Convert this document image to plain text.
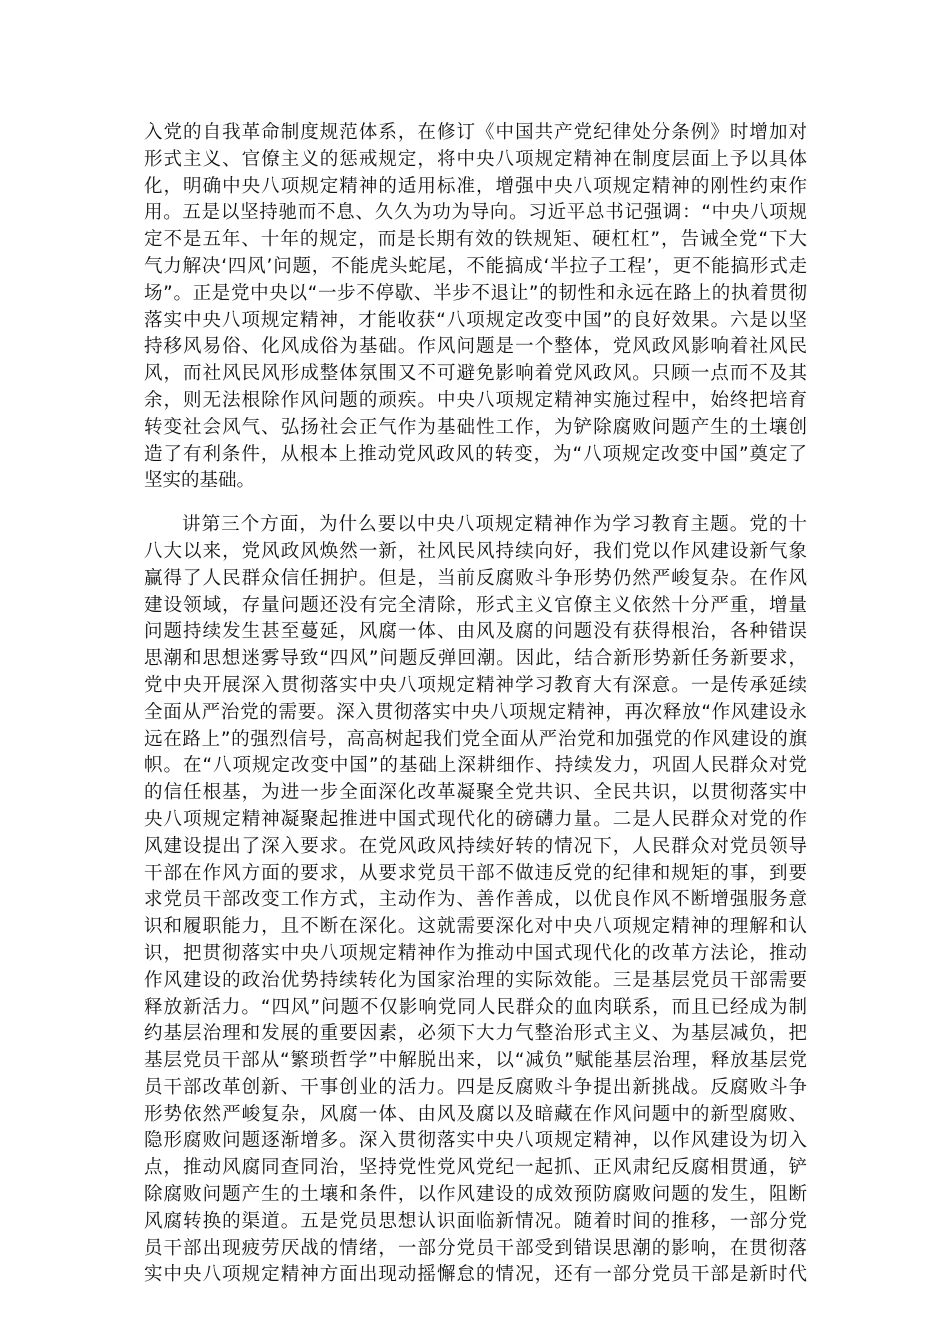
入党的自我革命制度规范体系，在修订《中国共产党纪律处分条例》时增加对
形式主义、官僚主义的惩戒规定，将中央八项规定精神在制度层面上予以具体
化，明确中央八项规定精神的适用标准，增强中央八项规定精神的刚性约束作
用。五是以坚持驰而不息、久久为功为导向。习近平总书记强调：“中央八项规
定不是五年、十年的规定，而是长期有效的铁规矩、硬杠杠”，告诫全党“下大
气力解决‘四风’问题，不能虎头蛇尾，不能搞成‘半拉子工程’，更不能搞形式走
场”。正是党中央以“一步不停歇、半步不退让”的韧性和永远在路上的执着贯彻
落实中央八项规定精神，才能收获“八项规定改变中国”的良好效果。六是以坚
持移风易俗、化风成俗为基础。作风问题是一个整体，党风政风影响着社风民
风，而社风民风形成整体氛围又不可避免影响着党风政风。只顾一点而不及其
余，则无法根除作风问题的顽疾。中央八项规定精神实施过程中，始终把培育
转变社会风气、弘扬社会正气作为基础性工作，为铲除腐败问题产生的土壤创
造了有利条件，从根本上推动党风政风的转变，为“八项规定改变中国”奠定了
坚实的基础。
讲第三个方面，为什么要以中央八项规定精神作为学习教育主题。党的十
八大以来，党风政风焕然一新，社风民风持续向好，我们党以作风建设新气象
赢得了人民群众信任拥护。但是，当前反腐败斗争形势仍然严峻复杂。在作风
建设领域，存量问题还没有完全清除，形式主义官僚主义依然十分严重，增量
问题持续发生甚至蔓延，风腐一体、由风及腐的问题没有获得根治，各种错误
思潮和思想迷雾导致“四风”问题反弹回潮。因此，结合新形势新任务新要求，
党中央开展深入贯彻落实中央八项规定精神学习教育大有深意。一是传承延续
全面从严治党的需要。深入贯彻落实中央八项规定精神，再次释放“作风建设永
远在路上”的强烈信号，高高树起我们党全面从严治党和加强党的作风建设的旗
帜。在“八项规定改变中国”的基础上深耕细作、持续发力，巩固人民群众对党
的信任根基，为进一步全面深化改革凝聚全党共识、全民共识，以贯彻落实中
央八项规定精神凝聚起推进中国式现代化的磅礴力量。二是人民群众对党的作
风建设提出了深入要求。在党风政风持续好转的情况下，人民群众对党员领导
干部在作风方面的要求，从要求党员干部不做违反党的纪律和规矩的事，到要
求党员干部改变工作方式，主动作为、善作善成，以优良作风不断增强服务意
识和履职能力，且不断在深化。这就需要深化对中央八项规定精神的理解和认
识，把贯彻落实中央八项规定精神作为推动中国式现代化的改革方法论，推动
作风建设的政治优势持续转化为国家治理的实际效能。三是基层党员干部需要
释放新活力。“四风”问题不仅影响党同人民群众的血肉联系，而且已经成为制
约基层治理和发展的重要因素，必须下大力气整治形式主义、为基层减负，把
基层党员干部从“繁琐哲学”中解脱出来，以“减负”赋能基层治理，释放基层党
员干部改革创新、干事创业的活力。四是反腐败斗争提出新挑战。反腐败斗争
形势依然严峻复杂，风腐一体、由风及腐以及暗藏在作风问题中的新型腐败、
隐形腐败问题逐渐增多。深入贯彻落实中央八项规定精神，以作风建设为切入
点，推动风腐同查同治，坚持党性党风党纪一起抓、正风肃纪反腐相贯通，铲
除腐败问题产生的土壤和条件，以作风建设的成效预防腐败问题的发生，阻断
风腐转换的渠道。五是党员思想认识面临新情况。随着时间的推移，一部分党
员干部出现疲劳厌战的情绪，一部分党员干部受到错误思潮的影响，在贯彻落
实中央八项规定精神方面出现动摇懈怠的情况，还有一部分党员干部是新时代
